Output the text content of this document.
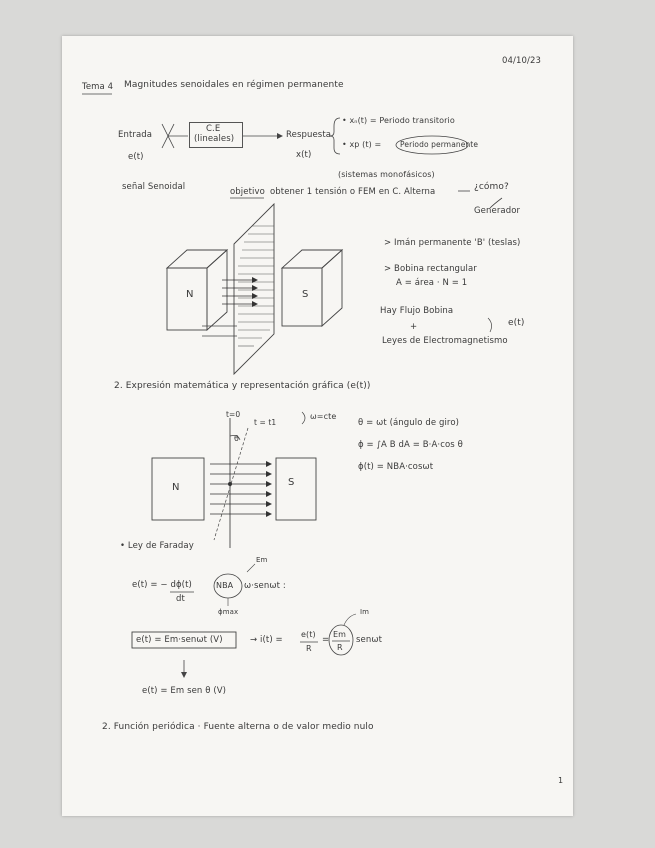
04/10/23
Tema 4 Magnitudes senoidales en régimen permanente
Entrada
e(t)
C.E
(lineales)	Respuesta
x(t)
• xₙ(t) = Periodo transitorio
• xp (t) =	Periodo permanente
(sistemas monofásicos)
señal Senoidal	objetivo obtener 1 tensión o FEM en C. Alterna	¿cómo?
Generador
N	S
> Imán permanente 'B' (teslas)
> Bobina rectangular
A = área · N = 1
Hay Flujo Bobina
+
Leyes de Electromagnetismo
e(t)
2. Expresión matemática y representación gráfica (e(t))
t=0
t = t1
ω=cte
θ
N	S
θ = ωt (ángulo de giro)
ϕ = ∫A B dA = B·A·cos θ
ϕ(t) = NBA·cosωt
• Ley de Faraday
Em
e(t) = − dϕ(t)
dt
NBA ω·senωt :
ϕmax
e(t) = Em·senωt (V)	→ i(t) =
e(t)
R
=
Em
R
senωt
Im
e(t) = Em sen θ (V)
2. Función periódica · Fuente alterna o de valor medio nulo
1
